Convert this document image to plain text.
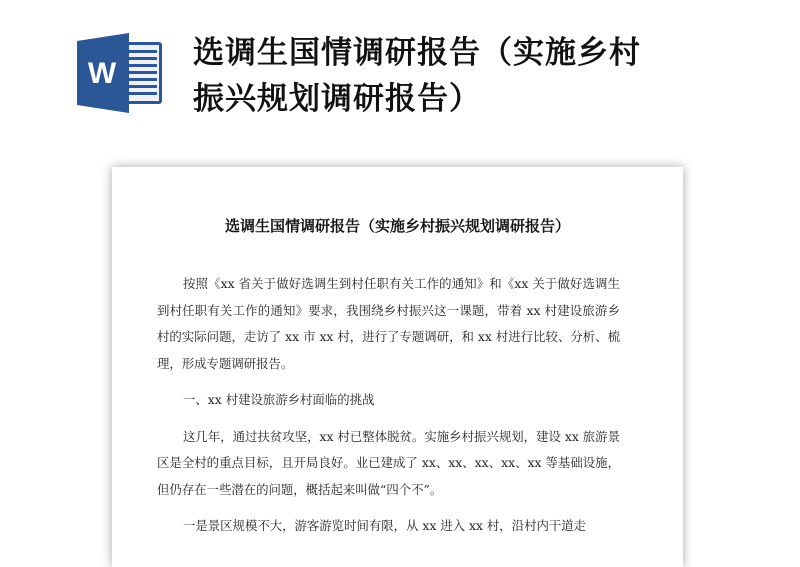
W
选调生国情调研报告（实施乡村
振兴规划调研报告）
选调生国情调研报告（实施乡村振兴规划调研报告）

按照《xx 省关于做好选调生到村任职有关工作的通知》和《xx 关于做好选调生到村任职有关工作的通知》要求，我围绕乡村振兴这一课题，带着 xx 村建设旅游乡村的实际问题，走访了 xx 市 xx 村，进行了专题调研，和 xx 村进行比较、分析、梳理，形成专题调研报告。

一、xx 村建设旅游乡村面临的挑战

这几年，通过扶贫攻坚，xx 村已整体脱贫。实施乡村振兴规划，建设 xx 旅游景区是全村的重点目标，且开局良好。业已建成了 xx、xx、xx、xx、xx 等基础设施，但仍存在一些潜在的问题，概括起来叫做“四个不”。

一是景区规模不大，游客游览时间有限，从 xx 进入 xx 村，沿村内干道走
